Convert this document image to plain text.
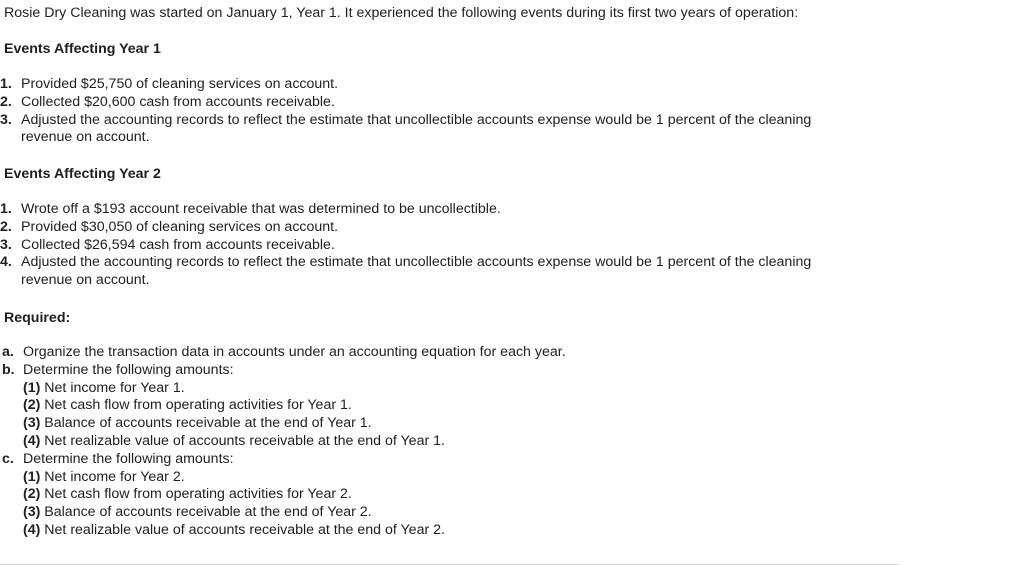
Rosie Dry Cleaning was started on January 1, Year 1. It experienced the following events during its first two years of operation:
Events Affecting Year 1
1. Provided $25,750 of cleaning services on account.
2. Collected $20,600 cash from accounts receivable.
3. Adjusted the accounting records to reflect the estimate that uncollectible accounts expense would be 1 percent of the cleaning
revenue on account.
Events Affecting Year 2
1. Wrote off a $193 account receivable that was determined to be uncollectible.
2. Provided $30,050 of cleaning services on account.
3. Collected $26,594 cash from accounts receivable.
4. Adjusted the accounting records to reflect the estimate that uncollectible accounts expense would be 1 percent of the cleaning
revenue on account.
Required:
a. Organize the transaction data in accounts under an accounting equation for each year.
b. Determine the following amounts:
(1) Net income for Year 1.
(2) Net cash flow from operating activities for Year 1.
(3) Balance of accounts receivable at the end of Year 1.
(4) Net realizable value of accounts receivable at the end of Year 1.
c. Determine the following amounts:
(1) Net income for Year 2.
(2) Net cash flow from operating activities for Year 2.
(3) Balance of accounts receivable at the end of Year 2.
(4) Net realizable value of accounts receivable at the end of Year 2.
